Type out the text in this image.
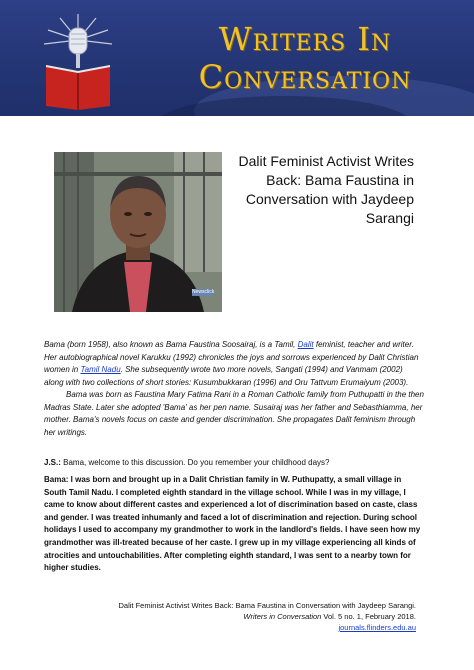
Writers In
Conversation
Newsclick
Dalit Feminist Activist Writes Back: Bama Faustina in Conversation with Jaydeep Sarangi

Bama (born 1958), also known as Bama Faustina Soosairaj, is a Tamil, Dalit feminist, teacher and writer. Her autobiographical novel Karukku (1992) chronicles the joys and sorrows experienced by Dalit Christian women in Tamil Nadu. She subsequently wrote two more novels, Sangati (1994) and Vanmam (2002) along with two collections of short stories: Kusumbukkaran (1996) and Oru Tattvum Erumaiyum (2003).

Bama was born as Faustina Mary Fatima Rani in a Roman Catholic family from Puthupatti in the then Madras State. Later she adopted 'Bama' as her pen name. Susairaj was her father and Sebasthiamma, her mother. Bama's novels focus on caste and gender discrimination. She propagates Dalit feminism through her writings.

J.S.: Bama, welcome to this discussion. Do you remember your childhood days?
Bama: I was born and brought up in a Dalit Christian family in W. Puthupatty, a small village in South Tamil Nadu. I completed eighth standard in the village school. While I was in my village, I came to know about different castes and experienced a lot of discrimination based on caste, class and gender. I was treated inhumanly and faced a lot of discrimination and rejection. During school holidays I used to accompany my grandmother to work in the landlord's fields. I have seen how my grandmother was ill-treated because of her caste. I grew up in my village experiencing all kinds of atrocities and untouchabilities. After completing eighth standard, I was sent to a nearby town for higher studies.
Dalit Feminist Activist Writes Back: Bama Faustina in Conversation with Jaydeep Sarangi.
Writers in Conversation Vol. 5 no. 1, February 2018.
journals.flinders.edu.au
